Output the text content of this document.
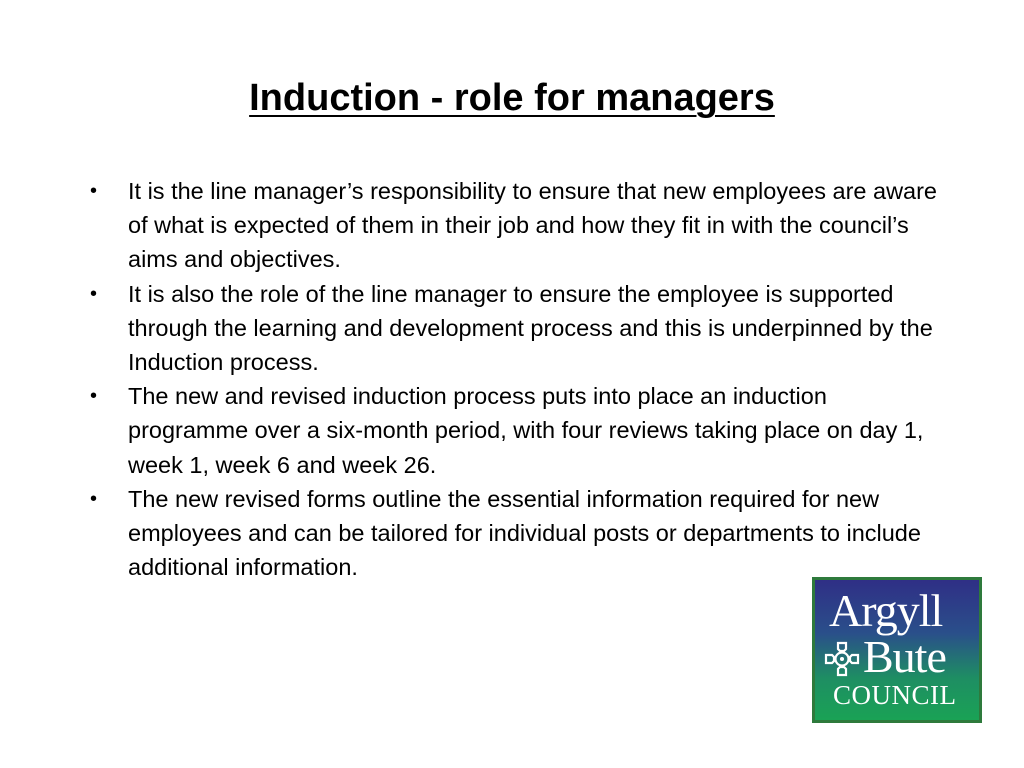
Induction - role for managers
• It is the line manager’s responsibility to ensure that new employees are aware of what is expected of them in their job and how they fit in with the council’s aims and objectives.
• It is also the role of the line manager to ensure the employee is supported through the learning and development process and this is underpinned by the Induction process.
• The new and revised induction process puts into place an induction programme over a six-month period, with four reviews taking place on day 1, week 1, week 6 and week 26.
• The new revised forms outline the essential information required for new employees and can be tailored for individual posts or departments to include additional information.
Argyll
Bute
COUNCIL
